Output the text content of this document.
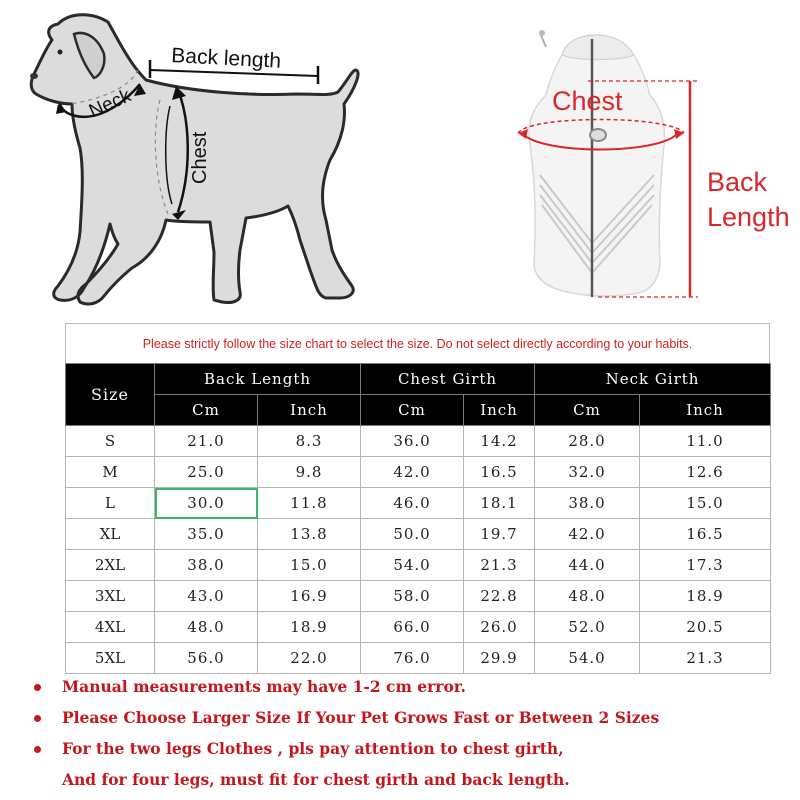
Back length
Neck
Chest
Chest
Back
Length
Please strictly follow the size chart to select the size. Do not select directly according to your habits.
Size	Back Length		Chest Girth		Neck Girth	
	Cm	Inch	Cm	Inch	Cm	Inch
S	21.0	8.3	36.0	14.2	28.0	11.0
M	25.0	9.8	42.0	16.5	32.0	12.6
L	30.0	11.8	46.0	18.1	38.0	15.0
XL	35.0	13.8	50.0	19.7	42.0	16.5
2XL	38.0	15.0	54.0	21.3	44.0	17.3
3XL	43.0	16.9	58.0	22.8	48.0	18.9
4XL	48.0	18.9	66.0	26.0	52.0	20.5
5XL	56.0	22.0	76.0	29.9	54.0	21.3
Manual measurements may have 1-2 cm error.
Please Choose Larger Size If Your Pet Grows Fast or Between 2 Sizes
For the two legs Clothes , pls pay attention to chest girth,
And for four legs, must fit for chest girth and back length.
